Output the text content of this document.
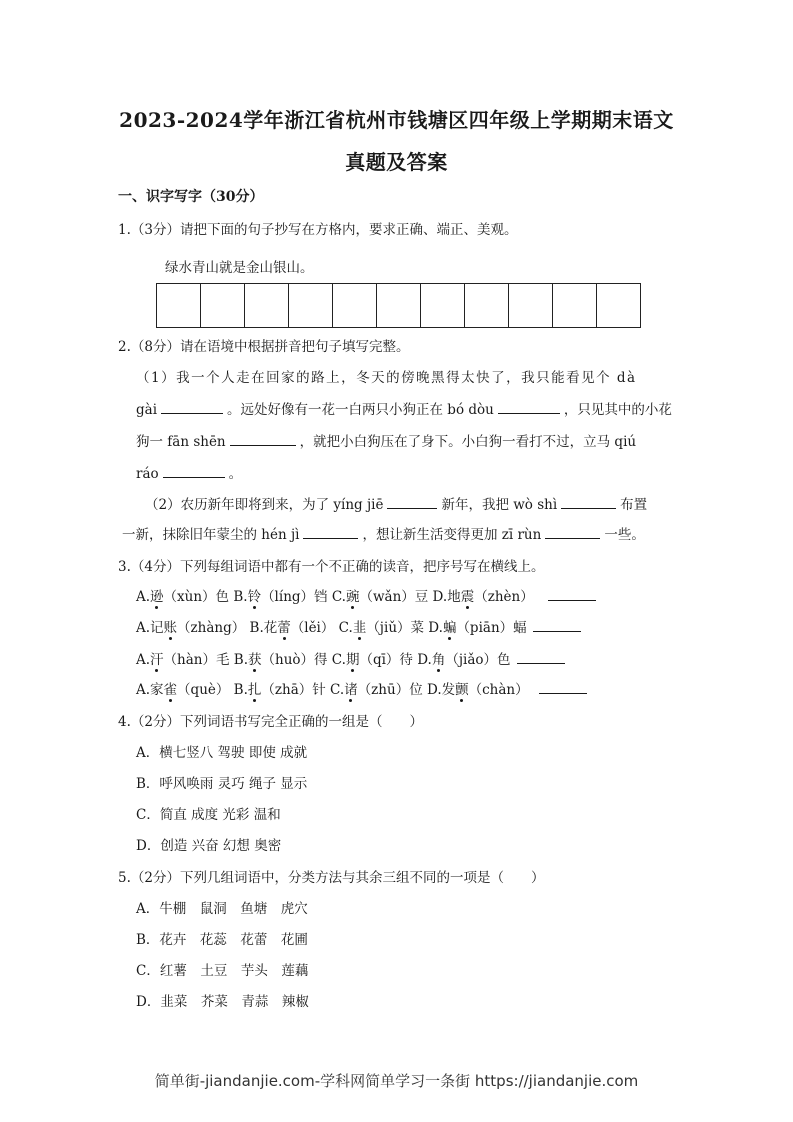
2023-2024学年浙江省杭州市钱塘区四年级上学期期末语文
真题及答案
一、识字写字（30分）
1.（3分）请把下面的句子抄写在方格内，要求正确、端正、美观。
绿水青山就是金山银山。
2.（8分）请在语境中根据拼音把句子填写完整。
（1）我一个人走在回家的路上，冬天的傍晚黑得太快了，我只能看见个 dà
gài	。远处好像有一花一白两只小狗正在 bó dòu	，只见其中的小花
狗一 fān shēn	，就把小白狗压在了身下。小白狗一看打不过，立马 qiú
ráo	。
（2）农历新年即将到来，为了 yíng jiē	新年，我把 wò shì	布置
一新，抹除旧年蒙尘的 hén jì	，想让新生活变得更加 zī rùn	一些。
3.（4分）下列每组词语中都有一个不正确的读音，把序号写在横线上。
A.逊（xùn）色 B.铃（líng）铛 C.豌（wǎn）豆 D.地震（zhèn）
A.记账（zhàng） B.花蕾（lěi） C.韭（jiǔ）菜 D.蝙（piān）蝠
A.汗（hàn）毛 B.获（huò）得 C.期（qī）待 D.角（jiǎo）色
A.家雀（què） B.扎（zhā）针 C.诸（zhū）位 D.发颤（chàn）
4.（2分）下列词语书写完全正确的一组是（　　）
A．横七竖八 驾驶 即使 成就
B．呼风唤雨 灵巧 绳子 显示
C．简直 成度 光彩 温和
D．创造 兴奋 幻想 奥密
5.（2分）下列几组词语中，分类方法与其余三组不同的一项是（　　）
A．牛棚　鼠洞　鱼塘　虎穴
B．花卉　花蕊　花蕾　花圃
C．红薯　土豆　芋头　莲藕
D．韭菜　芥菜　青蒜　辣椒
简单街-jiandanjie.com-学科网简单学习一条街 https://jiandanjie.com
